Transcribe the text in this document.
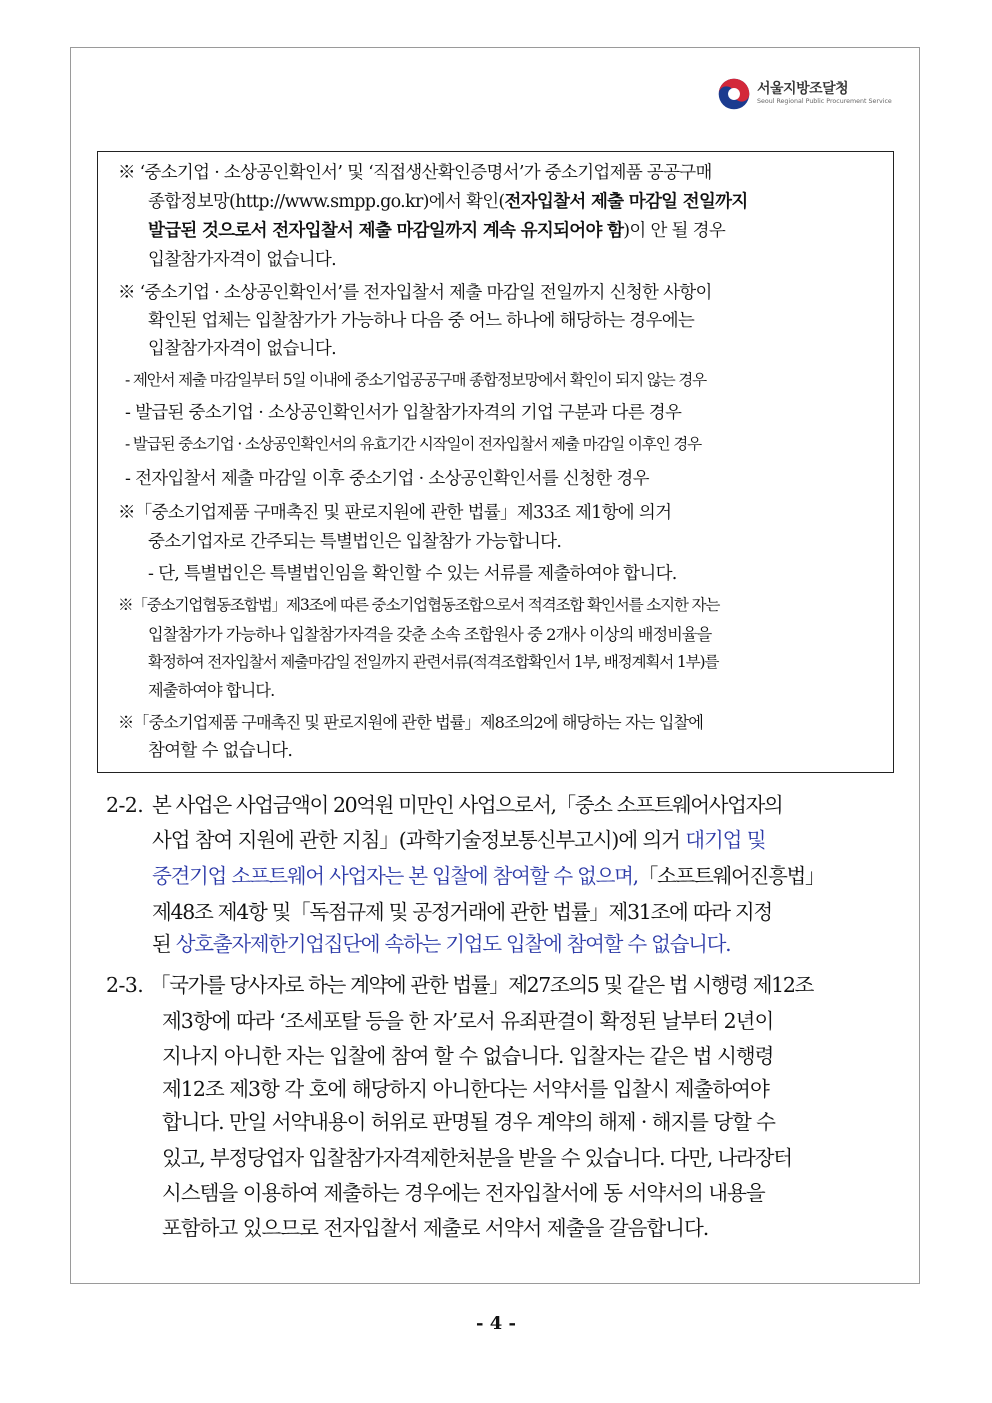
서울지방조달청
Seoul Regional Public Procurement Service
※ ‘중소기업 · 소상공인확인서’ 및 ‘직접생산확인증명서’가 중소기업제품 공공구매
종합정보망(http://www.smpp.go.kr)에서 확인(전자입찰서 제출 마감일 전일까지
발급된 것으로서 전자입찰서 제출 마감일까지 계속 유지되어야 함)이 안 될 경우
입찰참가자격이 없습니다.
※ ‘중소기업 · 소상공인확인서’를 전자입찰서 제출 마감일 전일까지 신청한 사항이
확인된 업체는 입찰참가가 가능하나 다음 중 어느 하나에 해당하는 경우에는
입찰참가자격이 없습니다.
- 제안서 제출 마감일부터 5일 이내에 중소기업공공구매 종합정보망에서 확인이 되지 않는 경우
- 발급된 중소기업 · 소상공인확인서가 입찰참가자격의 기업 구분과 다른 경우
- 발급된 중소기업 · 소상공인확인서의 유효기간 시작일이 전자입찰서 제출 마감일 이후인 경우
- 전자입찰서 제출 마감일 이후 중소기업 · 소상공인확인서를 신청한 경우
※「중소기업제품 구매촉진 및 판로지원에 관한 법률」제33조 제1항에 의거
중소기업자로 간주되는 특별법인은 입찰참가 가능합니다.
- 단, 특별법인은 특별법인임을 확인할 수 있는 서류를 제출하여야 합니다.
※「중소기업협동조합법」제3조에 따른 중소기업협동조합으로서 적격조합 확인서를 소지한 자는
입찰참가가 가능하나 입찰참가자격을 갖춘 소속 조합원사 중 2개사 이상의 배정비율을
확정하여 전자입찰서 제출마감일 전일까지 관련서류(적격조합확인서 1부, 배정계획서 1부)를
제출하여야 합니다.
※「중소기업제품 구매촉진 및 판로지원에 관한 법률」제8조의2에 해당하는 자는 입찰에
참여할 수 없습니다.
2-2. 본 사업은 사업금액이 20억원 미만인 사업으로서,「중소 소프트웨어사업자의
사업 참여 지원에 관한 지침」(과학기술정보통신부고시)에 의거 대기업 및
중견기업 소프트웨어 사업자는 본 입찰에 참여할 수 없으며,「소프트웨어진흥법」
제48조 제4항 및「독점규제 및 공정거래에 관한 법률」제31조에 따라 지정
된 상호출자제한기업집단에 속하는 기업도 입찰에 참여할 수 없습니다.
2-3. 「국가를 당사자로 하는 계약에 관한 법률」제27조의5 및 같은 법 시행령 제12조
제3항에 따라 ‘조세포탈 등을 한 자’로서 유죄판결이 확정된 날부터 2년이
지나지 아니한 자는 입찰에 참여 할 수 없습니다. 입찰자는 같은 법 시행령
제12조 제3항 각 호에 해당하지 아니한다는 서약서를 입찰시 제출하여야
합니다. 만일 서약내용이 허위로 판명될 경우 계약의 해제 · 해지를 당할 수
있고, 부정당업자 입찰참가자격제한처분을 받을 수 있습니다. 다만, 나라장터
시스템을 이용하여 제출하는 경우에는 전자입찰서에 동 서약서의 내용을
포함하고 있으므로 전자입찰서 제출로 서약서 제출을 갈음합니다.
- 4 -
